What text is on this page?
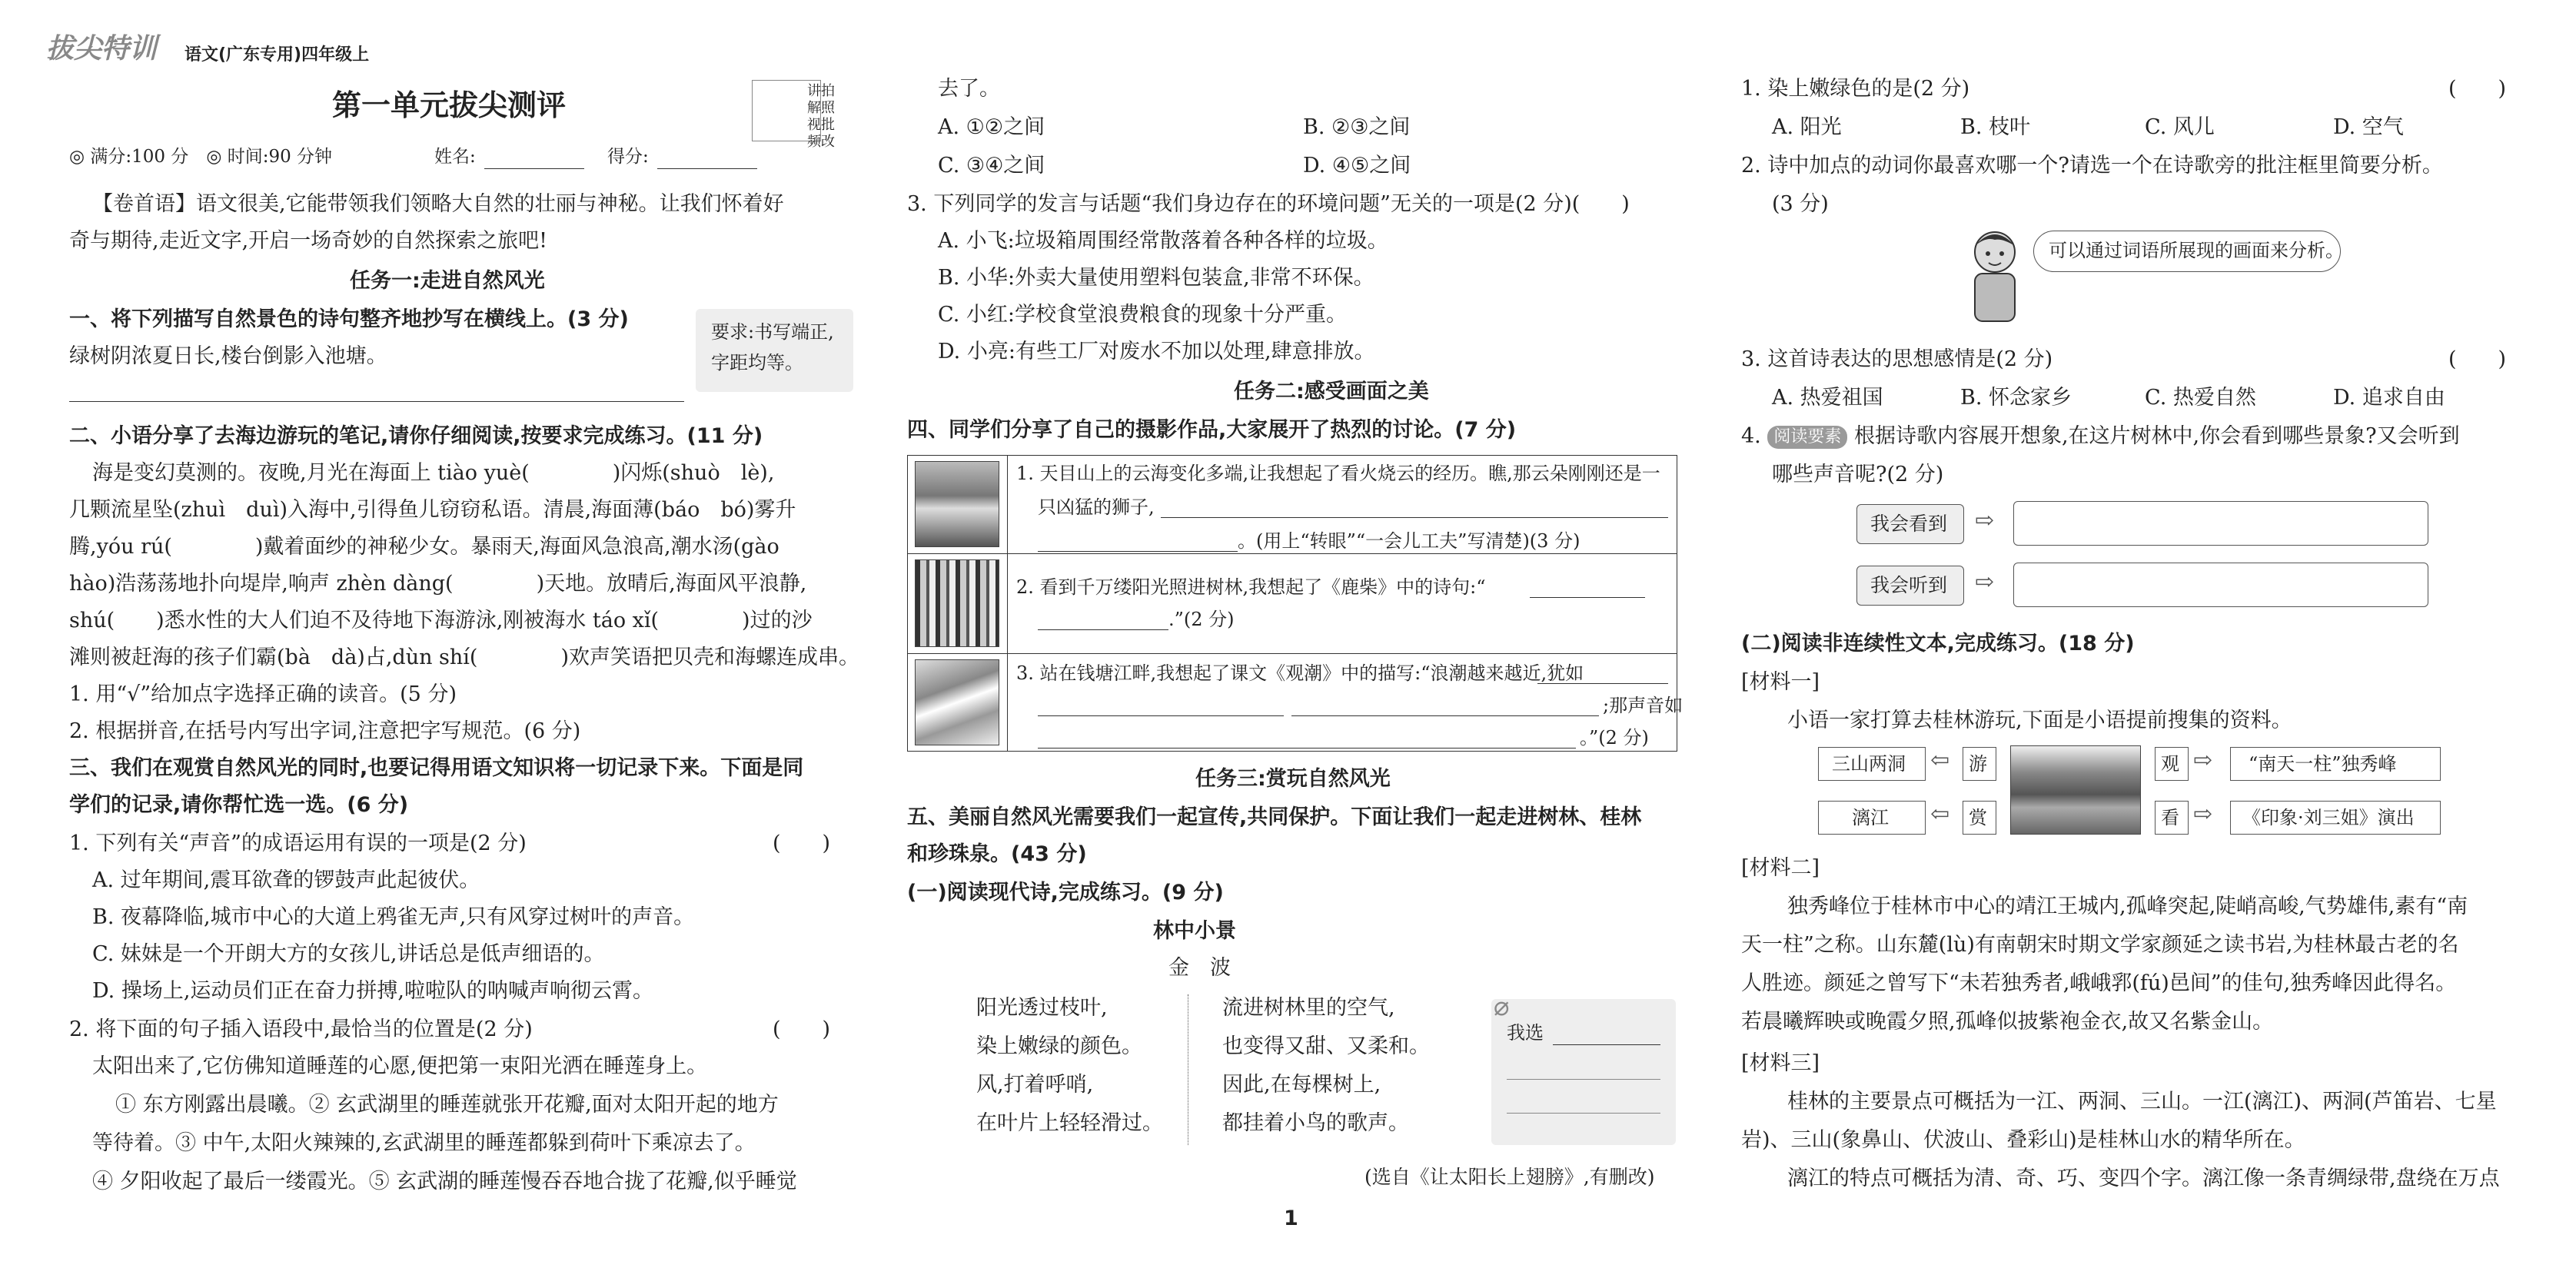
拔尖特训 语文(广东专用)四年级上
第一单元拔尖测评	讲拍
解照
视批
频改
◎ 满分:100 分　◎ 时间:90 分钟	姓名:	得分:
【卷首语】语文很美,它能带领我们领略大自然的壮丽与神秘。让我们怀着好
奇与期待,走近文字,开启一场奇妙的自然探索之旅吧!
任务一:走进自然风光
一、将下列描写自然景色的诗句整齐地抄写在横线上。(3 分)
绿树阴浓夏日长,楼台倒影入池塘。
要求:书写端正,
字距均等。
二、小语分享了去海边游玩的笔记,请你仔细阅读,按要求完成练习。(11 分)
海是变幻莫测的。夜晚,月光在海面上 tiào yuè(　　　　)闪烁(shuò　lè),
几颗流星坠(zhuì　duì)入海中,引得鱼儿窃窃私语。清晨,海面薄(báo　bó)雾升
腾,yóu rú(　　　　)戴着面纱的神秘少女。暴雨天,海面风急浪高,潮水汤(gào
hào)浩荡荡地扑向堤岸,响声 zhèn dàng(　　　　)天地。放晴后,海面风平浪静,
shú(　　)悉水性的大人们迫不及待地下海游泳,刚被海水 táo xǐ(　　　　)过的沙
滩则被赶海的孩子们霸(bà　dà)占,dùn shí(　　　　)欢声笑语把贝壳和海螺连成串。
1. 用“√”给加点字选择正确的读音。(5 分)
2. 根据拼音,在括号内写出字词,注意把字写规范。(6 分)
三、我们在观赏自然风光的同时,也要记得用语文知识将一切记录下来。下面是同
学们的记录,请你帮忙选一选。(6 分)
1. 下列有关“声音”的成语运用有误的一项是(2 分)	(　　)
A. 过年期间,震耳欲聋的锣鼓声此起彼伏。
B. 夜幕降临,城市中心的大道上鸦雀无声,只有风穿过树叶的声音。
C. 妹妹是一个开朗大方的女孩儿,讲话总是低声细语的。
D. 操场上,运动员们正在奋力拼搏,啦啦队的呐喊声响彻云霄。
2. 将下面的句子插入语段中,最恰当的位置是(2 分)	(　　)
太阳出来了,它仿佛知道睡莲的心愿,便把第一束阳光洒在睡莲身上。
① 东方刚露出晨曦。② 玄武湖里的睡莲就张开花瓣,面对太阳开起的地方
等待着。③ 中午,太阳火辣辣的,玄武湖里的睡莲都躲到荷叶下乘凉去了。
④ 夕阳收起了最后一缕霞光。⑤ 玄武湖的睡莲慢吞吞地合拢了花瓣,似乎睡觉
去了。
A. ①②之间	B. ②③之间
C. ③④之间	D. ④⑤之间
3. 下列同学的发言与话题“我们身边存在的环境问题”无关的一项是(2 分)(　　)
A. 小飞:垃圾箱周围经常散落着各种各样的垃圾。
B. 小华:外卖大量使用塑料包装盒,非常不环保。
C. 小红:学校食堂浪费粮食的现象十分严重。
D. 小亮:有些工厂对废水不加以处理,肆意排放。
任务二:感受画面之美
四、同学们分享了自己的摄影作品,大家展开了热烈的讨论。(7 分)
1. 天目山上的云海变化多端,让我想起了看火烧云的经历。瞧,那云朵刚刚还是一
只凶猛的狮子,
。(用上“转眼”“一会儿工夫”写清楚)(3 分)
2. 看到千万缕阳光照进树林,我想起了《鹿柴》中的诗句:“
.”(2 分)
3. 站在钱塘江畔,我想起了课文《观潮》中的描写:“浪潮越来越近,犹如
;那声音如
。”(2 分)
任务三:赏玩自然风光
五、美丽自然风光需要我们一起宣传,共同保护。下面让我们一起走进树林、桂林
和珍珠泉。(43 分)
(一)阅读现代诗,完成练习。(9 分)
林中小景
金　波
阳光透过枝叶,
染上嫩绿的颜色。
风,打着呼哨,
在叶片上轻轻滑过。
流进树林里的空气,
也变得又甜、又柔和。
因此,在每棵树上,
都挂着小鸟的歌声。
我选
⌀
(选自《让太阳长上翅膀》,有删改)
1
1. 染上嫩绿色的是(2 分)	(　　)
A. 阳光	B. 枝叶	C. 风儿	D. 空气
2. 诗中加点的动词你最喜欢哪一个?请选一个在诗歌旁的批注框里简要分析。
(3 分)
可以通过词语所展现的画面来分析。
3. 这首诗表达的思想感情是(2 分)	(　　)
A. 热爱祖国	B. 怀念家乡	C. 热爱自然	D. 追求自由
4. 阅读要素 根据诗歌内容展开想象,在这片树林中,你会看到哪些景象?又会听到
哪些声音呢?(2 分)
我会看到 ⇨
我会听到 ⇨
(二)阅读非连续性文本,完成练习。(18 分)
[材料一]
小语一家打算去桂林游玩,下面是小语提前搜集的资料。
三山两洞 ⇦ 游	观 ⇨ “南天一柱”独秀峰
漓江 ⇦ 赏	看 ⇨ 《印象·刘三姐》演出
[材料二]
独秀峰位于桂林市中心的靖江王城内,孤峰突起,陡峭高峻,气势雄伟,素有“南
天一柱”之称。山东麓(lù)有南朝宋时期文学家颜延之读书岩,为桂林最古老的名
人胜迹。颜延之曾写下“未若独秀者,峨峨郛(fú)邑间”的佳句,独秀峰因此得名。
若晨曦辉映或晚霞夕照,孤峰似披紫袍金衣,故又名紫金山。
[材料三]
桂林的主要景点可概括为一江、两洞、三山。一江(漓江)、两洞(芦笛岩、七星
岩)、三山(象鼻山、伏波山、叠彩山)是桂林山水的精华所在。
漓江的特点可概括为清、奇、巧、变四个字。漓江像一条青绸绿带,盘绕在万点
